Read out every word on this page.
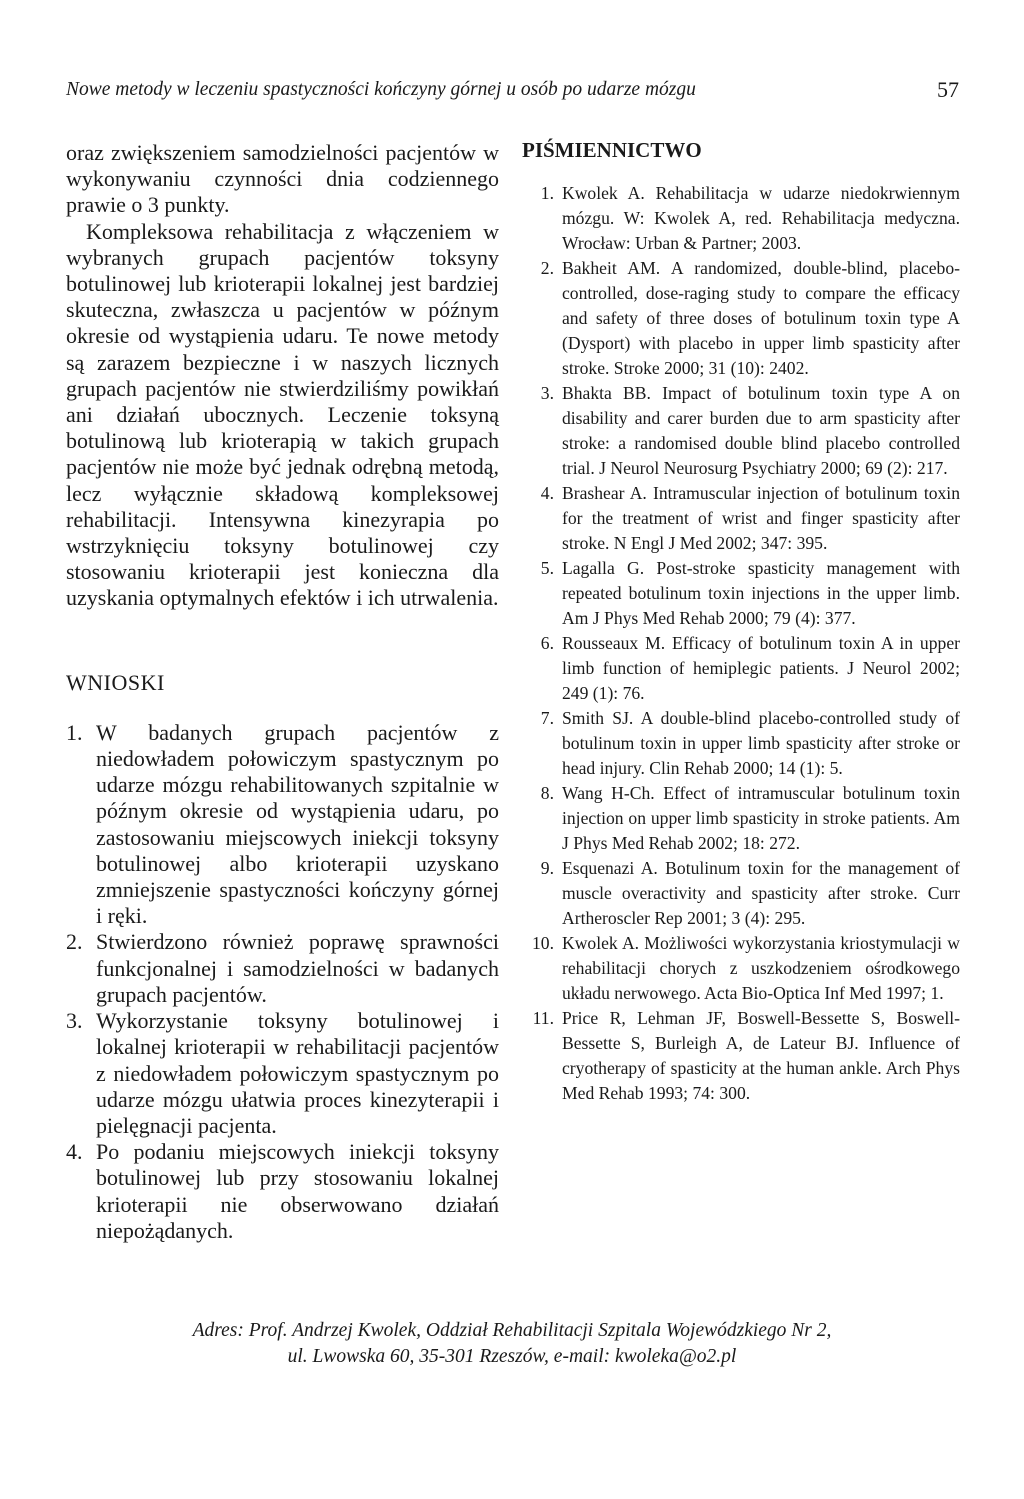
Nowe metody w leczeniu spastyczności kończyny górnej u osób po udarze mózgu	57

oraz zwiększeniem samodzielności pacjentów w wykonywaniu czynności dnia codziennego prawie o 3 punkty.

Kompleksowa rehabilitacja z włączeniem w wybranych grupach pacjentów toksyny botulinowej lub krioterapii lokalnej jest bardziej skuteczna, zwłaszcza u pacjentów w późnym okresie od wystąpienia udaru. Te nowe metody są zarazem bezpieczne i w naszych licznych grupach pacjentów nie stwierdziliśmy powikłań ani działań ubocznych. Leczenie toksyną botulinową lub krioterapią w takich grupach pacjentów nie może być jednak odrębną metodą, lecz wyłącznie składową kompleksowej rehabilitacji. Intensywna kinezyrapia po wstrzyknięciu toksyny botulinowej czy stosowaniu krioterapii jest konieczna dla uzyskania optymalnych efektów i ich utrwalenia.

WNIOSKI
1. W badanych grupach pacjentów z niedowładem połowiczym spastycznym po udarze mózgu rehabilitowanych szpitalnie w późnym okresie od wystąpienia udaru, po zastosowaniu miejscowych iniekcji toksyny botulinowej albo krioterapii uzyskano zmniejszenie spastyczności kończyny górnej i ręki.
2. Stwierdzono również poprawę sprawności funkcjonalnej i samodzielności w badanych grupach pacjentów.
3. Wykorzystanie toksyny botulinowej i lokalnej krioterapii w rehabilitacji pacjentów z niedowładem połowiczym spastycznym po udarze mózgu ułatwia proces kinezyterapii i pielęgnacji pacjenta.
4. Po podaniu miejscowych iniekcji toksyny botulinowej lub przy stosowaniu lokalnej krioterapii nie obserwowano działań niepożądanych.
PIŚMIENNICTWO
1. Kwolek A. Rehabilitacja w udarze niedokrwiennym mózgu. W: Kwolek A, red. Rehabilitacja medyczna. Wrocław: Urban & Partner; 2003.
2. Bakheit AM. A randomized, double-blind, placebo-controlled, dose-raging study to compare the efficacy and safety of three doses of botulinum toxin type A (Dysport) with placebo in upper limb spasticity after stroke. Stroke 2000; 31 (10): 2402.
3. Bhakta BB. Impact of botulinum toxin type A on disability and carer burden due to arm spasticity after stroke: a randomised double blind placebo controlled trial. J Neurol Neurosurg Psychiatry 2000; 69 (2): 217.
4. Brashear A. Intramuscular injection of botulinum toxin for the treatment of wrist and finger spasticity after stroke. N Engl J Med 2002; 347: 395.
5. Lagalla G. Post-stroke spasticity management with repeated botulinum toxin injections in the upper limb. Am J Phys Med Rehab 2000; 79 (4): 377.
6. Rousseaux M. Efficacy of botulinum toxin A in upper limb function of hemiplegic patients. J Neurol 2002; 249 (1): 76.
7. Smith SJ. A double-blind placebo-controlled study of botulinum toxin in upper limb spasticity after stroke or head injury. Clin Rehab 2000; 14 (1): 5.
8. Wang H-Ch. Effect of intramuscular botulinum toxin injection on upper limb spasticity in stroke patients. Am J Phys Med Rehab 2002; 18: 272.
9. Esquenazi A. Botulinum toxin for the management of muscle overactivity and spasticity after stroke. Curr Artheroscler Rep 2001; 3 (4): 295.
10. Kwolek A. Możliwości wykorzystania kriostymulacji w rehabilitacji chorych z uszkodzeniem ośrodkowego układu nerwowego. Acta Bio-Optica Inf Med 1997; 1.
11. Price R, Lehman JF, Boswell-Bessette S, Boswell-Bessette S, Burleigh A, de Lateur BJ. Influence of cryotherapy of spasticity at the human ankle. Arch Phys Med Rehab 1993; 74: 300.
Adres: Prof. Andrzej Kwolek, Oddział Rehabilitacji Szpitala Wojewódzkiego Nr 2,
ul. Lwowska 60, 35-301 Rzeszów, e-mail: kwoleka@o2.pl
